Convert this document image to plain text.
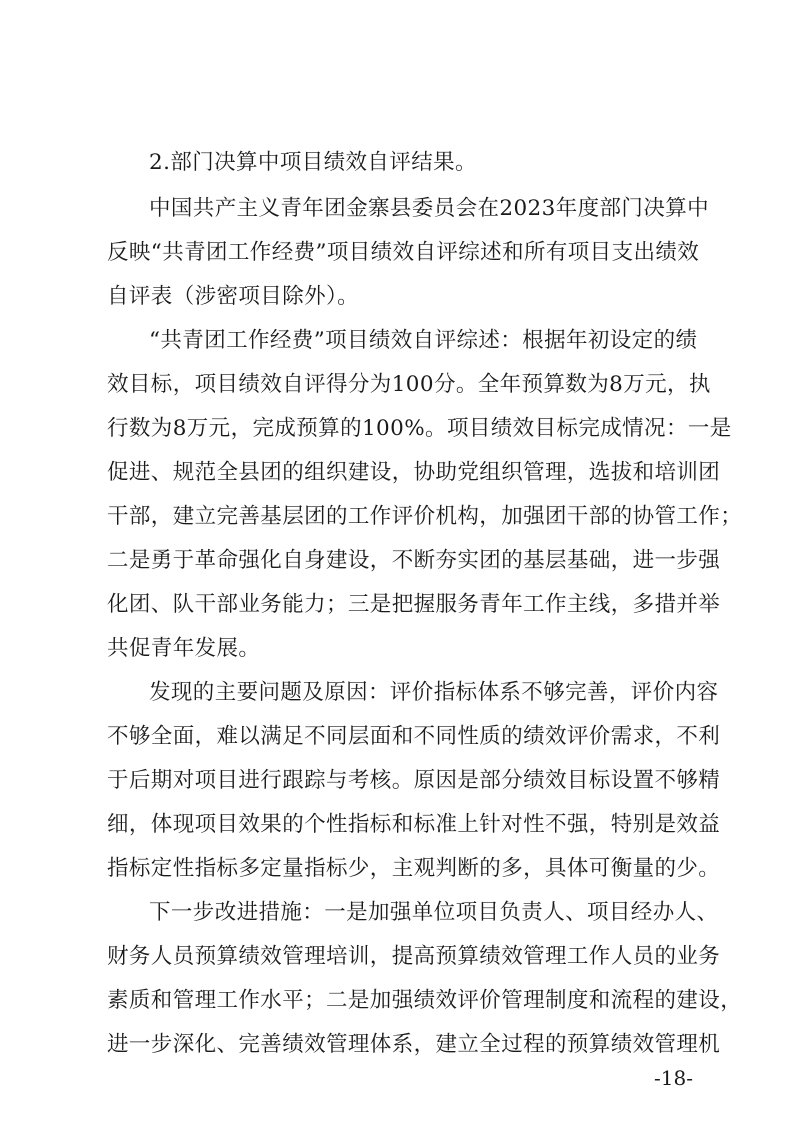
2.部门决算中项目绩效自评结果。
中国共产主义青年团金寨县委员会在2023年度部门决算中
反映“共青团工作经费”项目绩效自评综述和所有项目支出绩效
自评表（涉密项目除外）。
“共青团工作经费”项目绩效自评综述：根据年初设定的绩
效目标，项目绩效自评得分为100分。全年预算数为8万元，执
行数为8万元，完成预算的100%。项目绩效目标完成情况：一是
促进、规范全县团的组织建设，协助党组织管理，选拔和培训团
干部，建立完善基层团的工作评价机构，加强团干部的协管工作；
二是勇于革命强化自身建设，不断夯实团的基层基础，进一步强
化团、队干部业务能力；三是把握服务青年工作主线，多措并举
共促青年发展。
发现的主要问题及原因：评价指标体系不够完善，评价内容
不够全面，难以满足不同层面和不同性质的绩效评价需求，不利
于后期对项目进行跟踪与考核。原因是部分绩效目标设置不够精
细，体现项目效果的个性指标和标准上针对性不强，特别是效益
指标定性指标多定量指标少，主观判断的多，具体可衡量的少。
下一步改进措施：一是加强单位项目负责人、项目经办人、
财务人员预算绩效管理培训，提高预算绩效管理工作人员的业务
素质和管理工作水平；二是加强绩效评价管理制度和流程的建设，
进一步深化、完善绩效管理体系，建立全过程的预算绩效管理机
-18-
